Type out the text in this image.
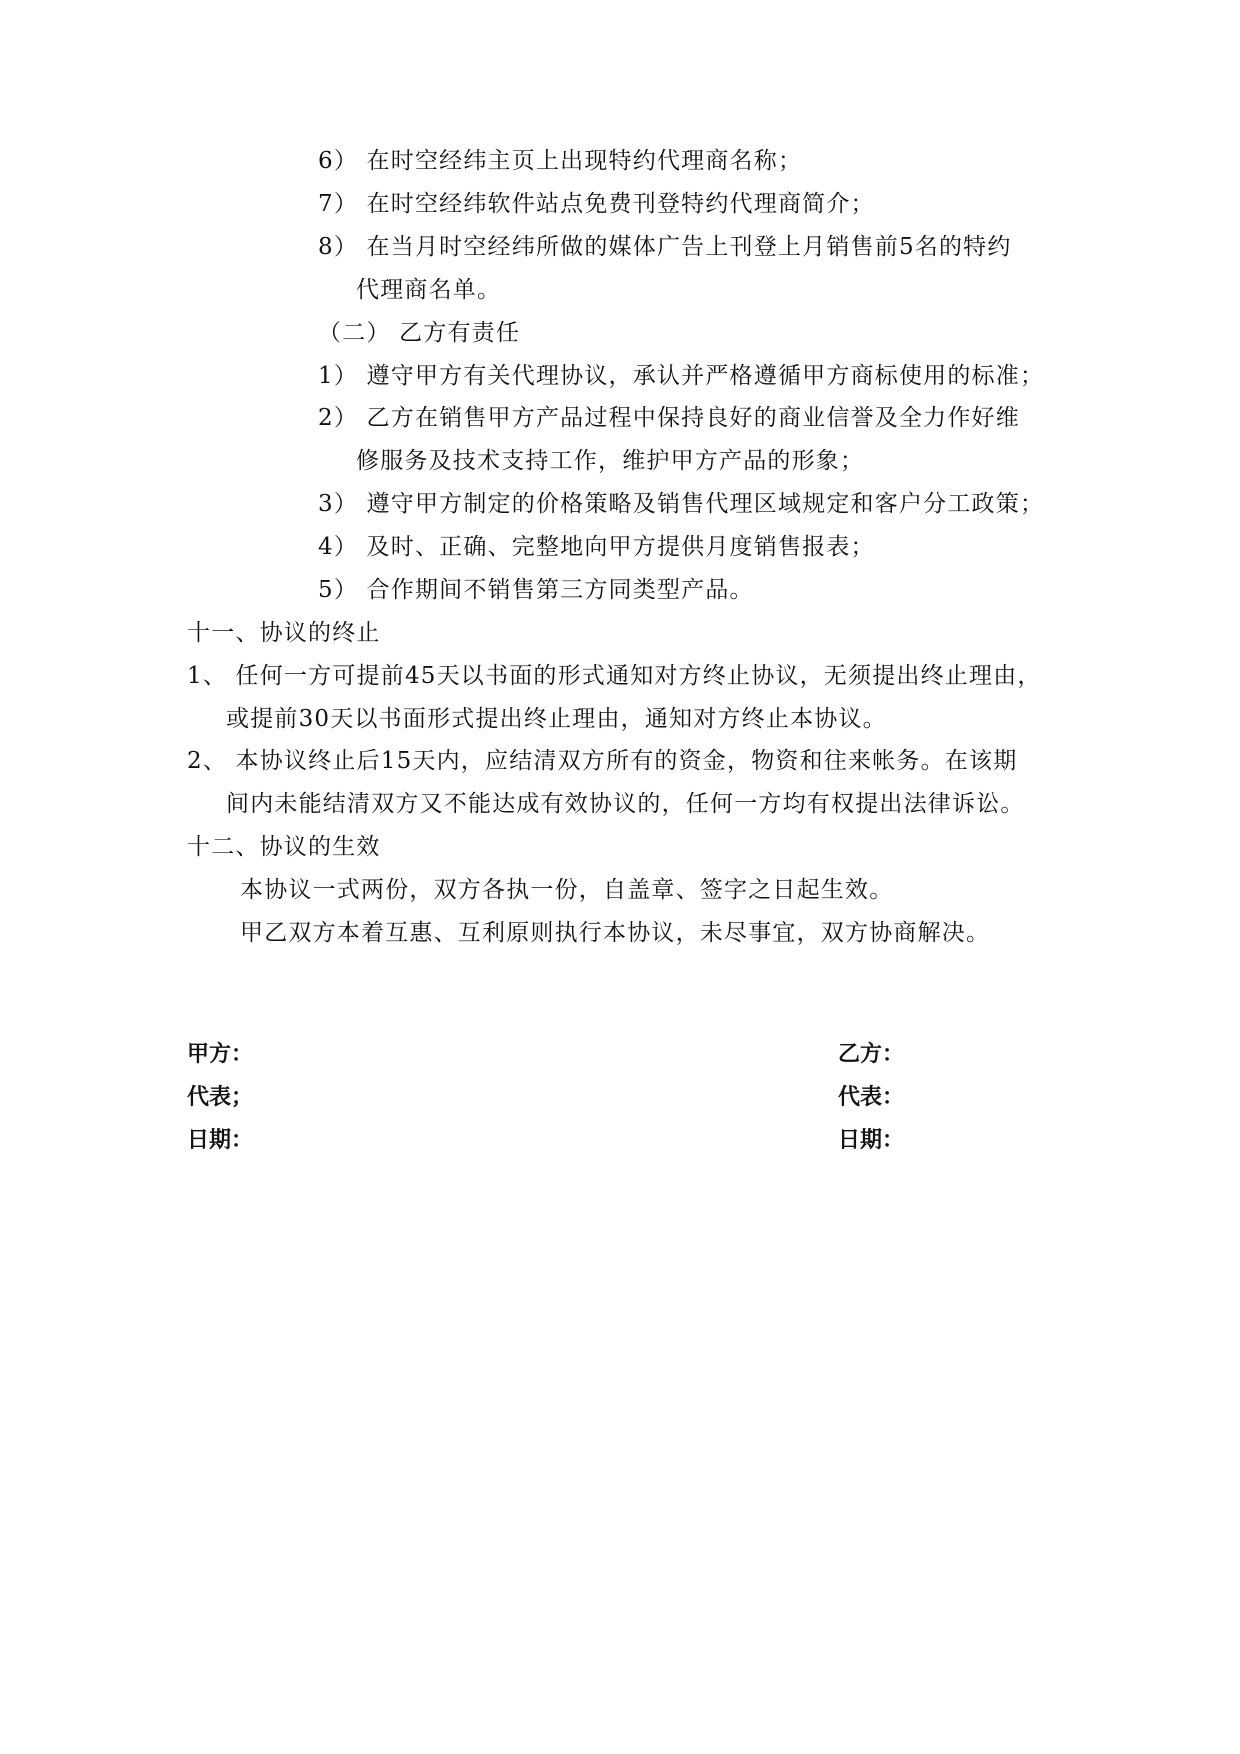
6） 在时空经纬主页上出现特约代理商名称；
7） 在时空经纬软件站点免费刊登特约代理商简介；
8） 在当月时空经纬所做的媒体广告上刊登上月销售前5名的特约
代理商名单。
（二） 乙方有责任
1） 遵守甲方有关代理协议，承认并严格遵循甲方商标使用的标准；
2） 乙方在销售甲方产品过程中保持良好的商业信誉及全力作好维
修服务及技术支持工作，维护甲方产品的形象；
3） 遵守甲方制定的价格策略及销售代理区域规定和客户分工政策；
4） 及时、正确、完整地向甲方提供月度销售报表；
5） 合作期间不销售第三方同类型产品。
十一、协议的终止
1、 任何一方可提前45天以书面的形式通知对方终止协议，无须提出终止理由，
或提前30天以书面形式提出终止理由，通知对方终止本协议。
2、 本协议终止后15天内，应结清双方所有的资金，物资和往来帐务。在该期
间内未能结清双方又不能达成有效协议的，任何一方均有权提出法律诉讼。
十二、协议的生效
本协议一式两份，双方各执一份，自盖章、签字之日起生效。
甲乙双方本着互惠、互利原则执行本协议，未尽事宜，双方协商解决。
甲方：
代表；
日期：
乙方：
代表：
日期：
